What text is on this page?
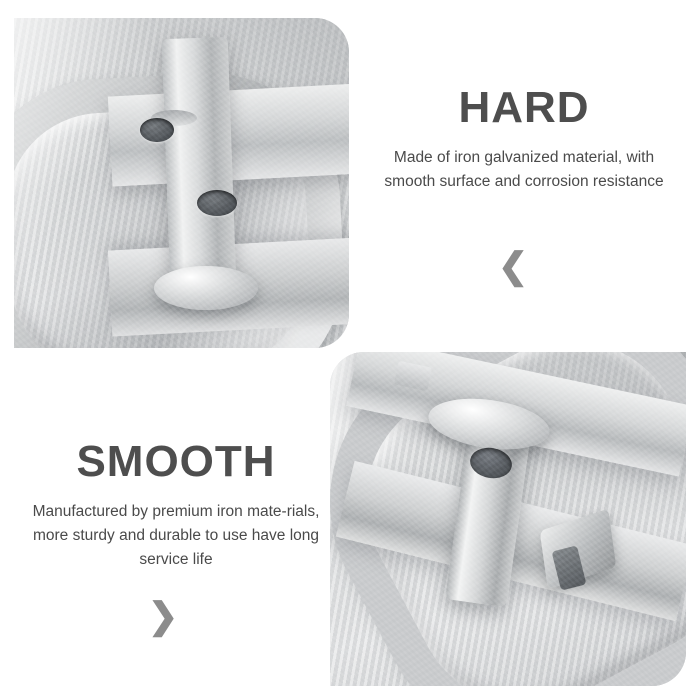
HARD

Made of iron galvanized material, with smooth surface and corrosion resistance

SMOOTH

Manufactured by premium iron mate-rials, more sturdy and durable to use have long service life

❮
❯
